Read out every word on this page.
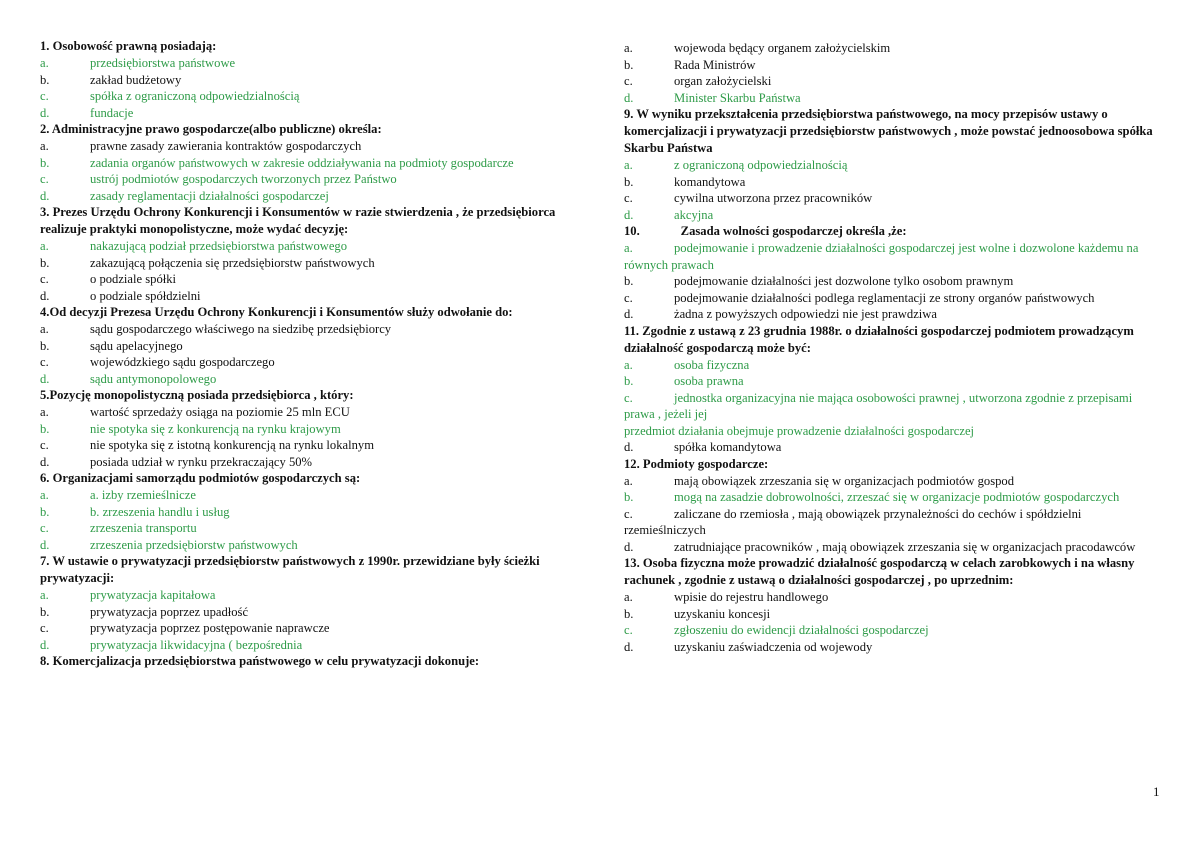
1. Osobowość prawną posiadają:
a.	przedsiębiorstwa państwowe
b.	zakład budżetowy
c.	spółka z ograniczoną odpowiedzialnością
d.	fundacje
2. Administracyjne prawo gospodarcze(albo publiczne) określa:
a.	prawne zasady zawierania kontraktów gospodarczych
b.	zadania organów państwowych w zakresie oddziaływania na podmioty gospodarcze
c.	ustrój podmiotów gospodarczych tworzonych przez Państwo
d.	zasady reglamentacji działalności gospodarczej
3. Prezes Urzędu Ochrony Konkurencji i Konsumentów w razie stwierdzenia , że przedsiębiorca realizuje praktyki monopolistyczne, może wydać decyzję:
a.	nakazującą podział przedsiębiorstwa państwowego
b.	zakazującą połączenia się przedsiębiorstw państwowych
c.	o podziale spółki
d.	o podziale spółdzielni
4.Od decyzji Prezesa Urzędu Ochrony Konkurencji i Konsumentów służy odwołanie do:
a.	sądu gospodarczego właściwego na siedzibę przedsiębiorcy
b.	sądu apelacyjnego
c.	wojewódzkiego sądu gospodarczego
d.	sądu antymonopolowego
5.Pozycję monopolistyczną posiada przedsiębiorca , który:
a.	wartość sprzedaży osiąga na poziomie 25 mln ECU
b.	nie spotyka się z konkurencją na rynku krajowym
c.	nie spotyka się z istotną konkurencją na rynku lokalnym
d.	posiada udział w rynku przekraczający 50%
6. Organizacjami samorządu podmiotów gospodarczych są:
a.	a. izby rzemieślnicze
b.	b. zrzeszenia handlu i usług
c.	zrzeszenia transportu
d.	zrzeszenia przedsiębiorstw państwowych
7. W ustawie o prywatyzacji przedsiębiorstw państwowych z 1990r. przewidziane były ścieżki prywatyzacji:
a.	prywatyzacja kapitałowa
b.	prywatyzacja poprzez upadłość
c.	prywatyzacja poprzez postępowanie naprawcze
d.	prywatyzacja likwidacyjna ( bezpośrednia
8. Komercjalizacja przedsiębiorstwa państwowego w celu prywatyzacji dokonuje:
a.	wojewoda będący organem założycielskim
b.	Rada Ministrów
c.	organ założycielski
d.	Minister Skarbu Państwa
9. W wyniku przekształcenia przedsiębiorstwa państwowego, na mocy przepisów ustawy o komercjalizacji i prywatyzacji przedsiębiorstw państwowych , może powstać jednoosobowa spółka Skarbu Państwa
a.	z ograniczoną odpowiedzialnością
b.	komandytowa
c.	cywilna utworzona przez pracowników
d.	akcyjna
10.             Zasada wolności gospodarczej określa ,że:
a.	podejmowanie i prowadzenie działalności gospodarczej jest wolne i dozwolone każdemu na równych prawach
b.	podejmowanie działalności jest dozwolone tylko osobom prawnym
c.	podejmowanie działalności podlega reglamentacji ze strony organów państwowych
d.	żadna z powyższych odpowiedzi nie jest prawdziwa
11. Zgodnie z ustawą z 23 grudnia 1988r. o działalności gospodarczej podmiotem prowadzącym działalność gospodarczą może być:
a.	osoba fizyczna
b.	osoba prawna
c.	jednostka organizacyjna nie mająca osobowości prawnej , utworzona zgodnie z przepisami prawa , jeżeli jej
przedmiot działania obejmuje prowadzenie działalności gospodarczej
d.	spółka komandytowa
12. Podmioty gospodarcze:
a.	mają obowiązek zrzeszania się w organizacjach podmiotów gospod
b.	mogą na zasadzie dobrowolności, zrzeszać się w organizacje podmiotów gospodarczych
c.	zaliczane do rzemiosła , mają obowiązek przynależności do cechów i spółdzielni rzemieślniczych
d.	zatrudniające pracowników , mają obowiązek zrzeszania się w organizacjach pracodawców
13. Osoba fizyczna może prowadzić działalność gospodarczą w celach zarobkowych i na własny rachunek , zgodnie z ustawą o działalności gospodarczej , po uprzednim:
a.	wpisie do rejestru handlowego
b.	uzyskaniu koncesji
c.	zgłoszeniu do ewidencji działalności gospodarczej
d.	uzyskaniu zaświadczenia od wojewody
1
